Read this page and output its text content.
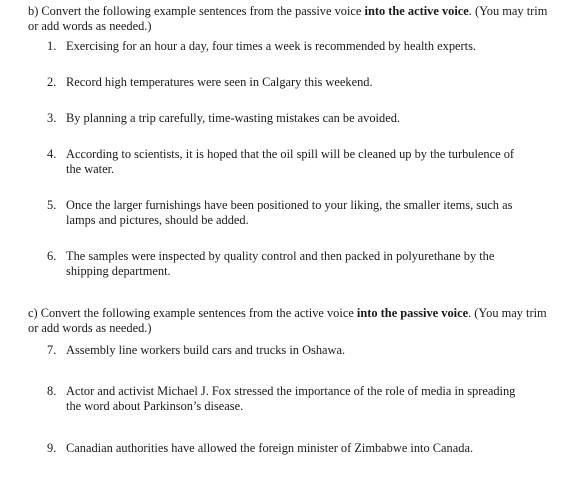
b) Convert the following example sentences from the passive voice into the active voice. (You may trim or add words as needed.)
1. Exercising for an hour a day, four times a week is recommended by health experts.
2. Record high temperatures were seen in Calgary this weekend.
3. By planning a trip carefully, time-wasting mistakes can be avoided.
4. According to scientists, it is hoped that the oil spill will be cleaned up by the turbulence of the water.
5. Once the larger furnishings have been positioned to your liking, the smaller items, such as lamps and pictures, should be added.
6. The samples were inspected by quality control and then packed in polyurethane by the shipping department.
c) Convert the following example sentences from the active voice into the passive voice. (You may trim or add words as needed.)
7. Assembly line workers build cars and trucks in Oshawa.
8. Actor and activist Michael J. Fox stressed the importance of the role of media in spreading the word about Parkinson’s disease.
9. Canadian authorities have allowed the foreign minister of Zimbabwe into Canada.
